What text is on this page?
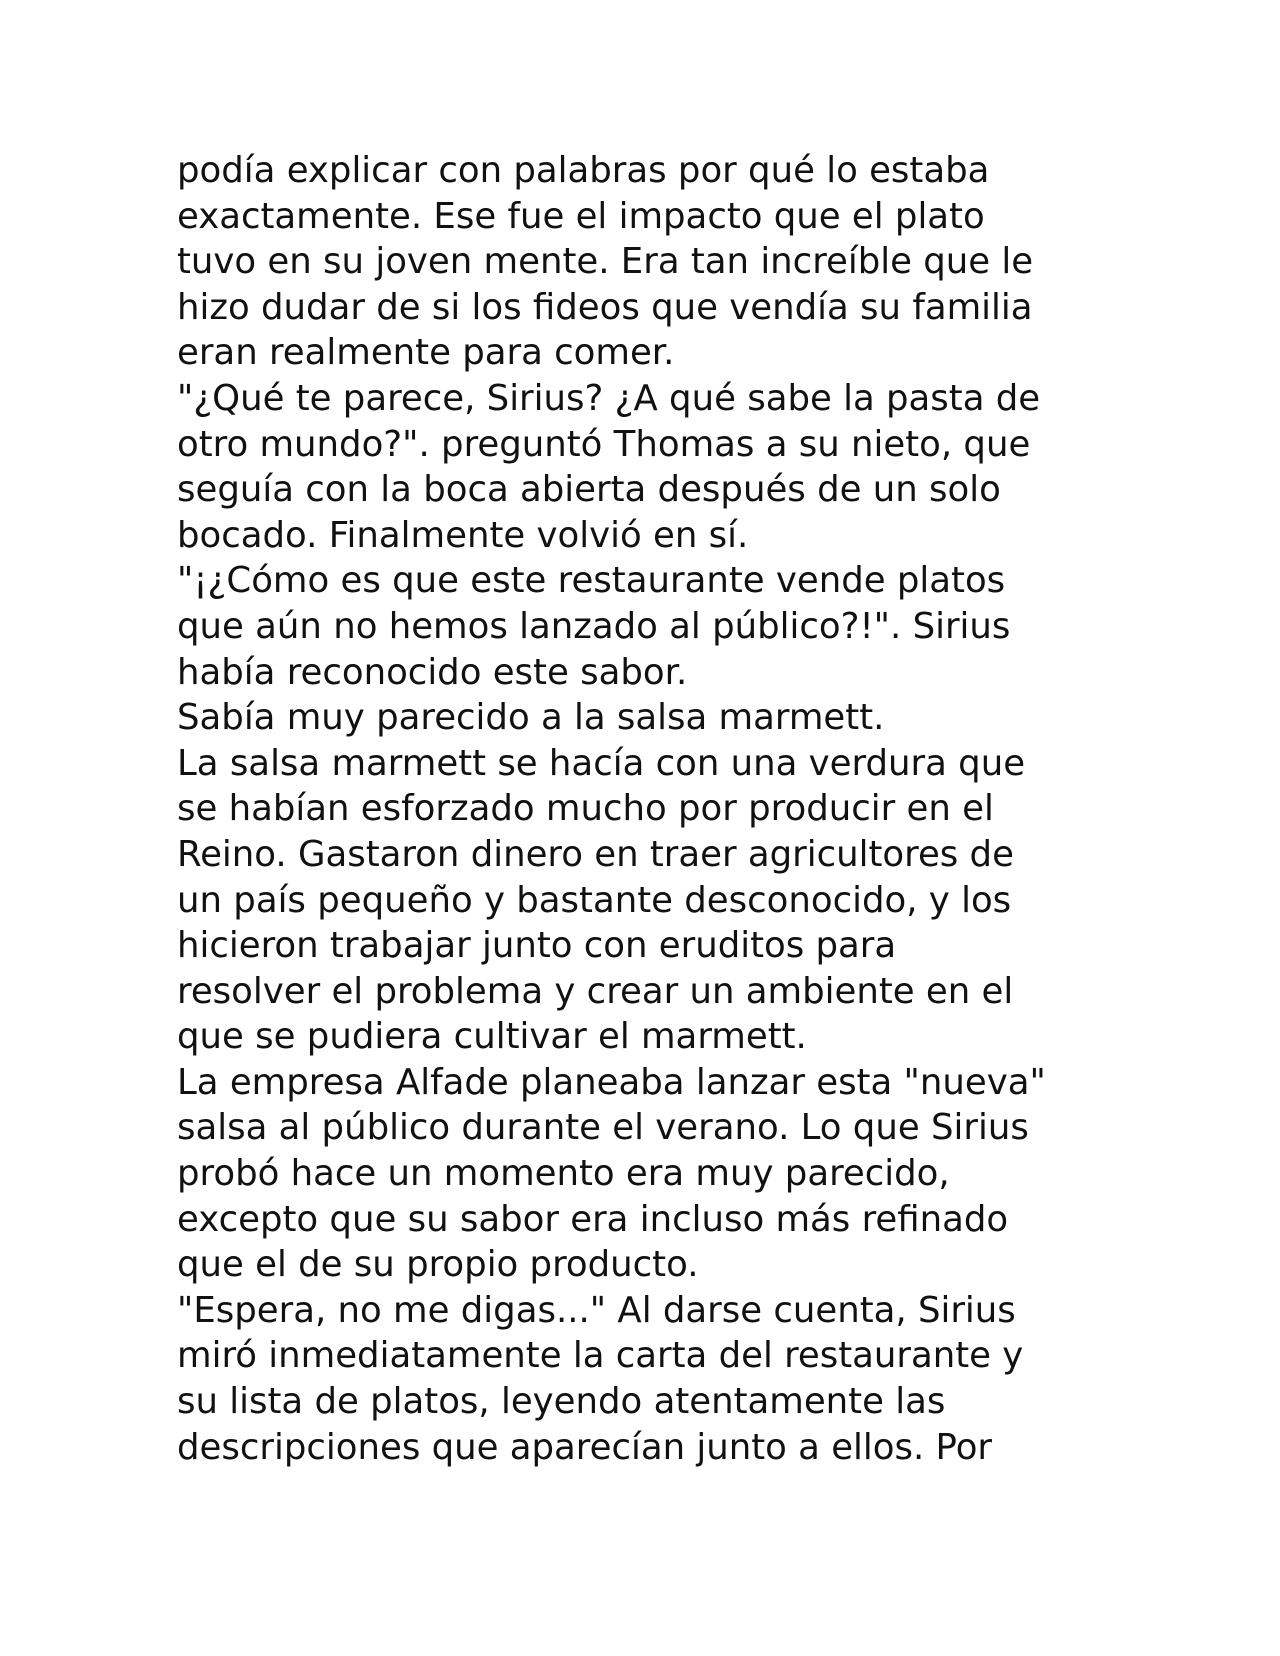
podía explicar con palabras por qué lo estaba
exactamente. Ese fue el impacto que el plato
tuvo en su joven mente. Era tan increíble que le
hizo dudar de si los fideos que vendía su familia
eran realmente para comer.
"¿Qué te parece, Sirius? ¿A qué sabe la pasta de
otro mundo?". preguntó Thomas a su nieto, que
seguía con la boca abierta después de un solo
bocado. Finalmente volvió en sí.
"¡¿Cómo es que este restaurante vende platos
que aún no hemos lanzado al público?!". Sirius
había reconocido este sabor.
Sabía muy parecido a la salsa marmett.
La salsa marmett se hacía con una verdura que
se habían esforzado mucho por producir en el
Reino. Gastaron dinero en traer agricultores de
un país pequeño y bastante desconocido, y los
hicieron trabajar junto con eruditos para
resolver el problema y crear un ambiente en el
que se pudiera cultivar el marmett.
La empresa Alfade planeaba lanzar esta "nueva"
salsa al público durante el verano. Lo que Sirius
probó hace un momento era muy parecido,
excepto que su sabor era incluso más refinado
que el de su propio producto.
"Espera, no me digas..." Al darse cuenta, Sirius
miró inmediatamente la carta del restaurante y
su lista de platos, leyendo atentamente las
descripciones que aparecían junto a ellos. Por
